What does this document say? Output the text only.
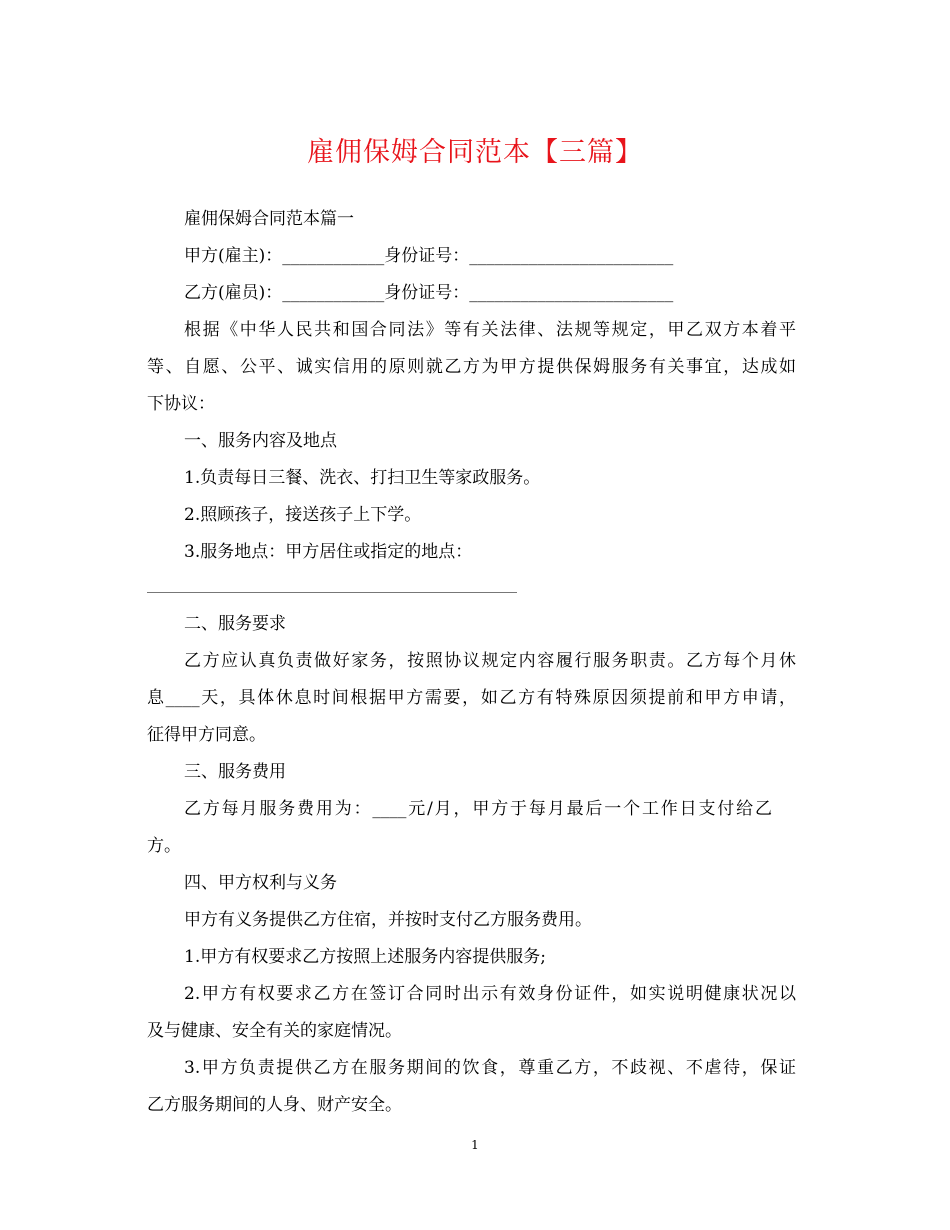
雇佣保姆合同范本【三篇】
雇佣保姆合同范本篇一
甲方(雇主)：____________身份证号：________________________
乙方(雇员)：____________身份证号：________________________
根据《中华人民共和国合同法》等有关法律、法规等规定，甲乙双方本着平
等、自愿、公平、诚实信用的原则就乙方为甲方提供保姆服务有关事宜，达成如
下协议：
一、服务内容及地点
1.负责每日三餐、洗衣、打扫卫生等家政服务。
2.照顾孩子，接送孩子上下学。
3.服务地点：甲方居住或指定的地点：
二、服务要求
乙方应认真负责做好家务，按照协议规定内容履行服务职责。乙方每个月休
息____天，具体休息时间根据甲方需要，如乙方有特殊原因须提前和甲方申请，
征得甲方同意。
三、服务费用
乙方每月服务费用为：____元/月，甲方于每月最后一个工作日支付给乙
方。
四、甲方权利与义务
甲方有义务提供乙方住宿，并按时支付乙方服务费用。
1.甲方有权要求乙方按照上述服务内容提供服务;
2.甲方有权要求乙方在签订合同时出示有效身份证件，如实说明健康状况以
及与健康、安全有关的家庭情况。
3.甲方负责提供乙方在服务期间的饮食，尊重乙方，不歧视、不虐待，保证
乙方服务期间的人身、财产安全。
1
